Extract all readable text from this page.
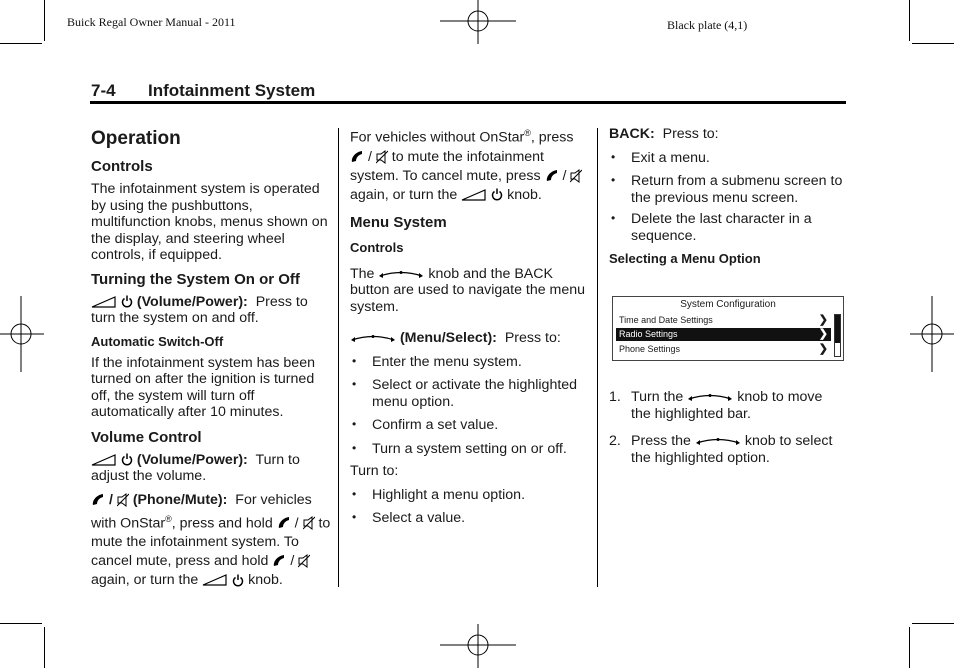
Buick Regal Owner Manual - 2011	Black plate (4,1)
7-4 Infotainment System
Operation
Controls

The infotainment system is operated by using the pushbuttons, multifunction knobs, menus shown on the display, and steering wheel controls, if equipped.

Turning the System On or Off

(Volume/Power): Press to turn the system on and off.

Automatic Switch-Off

If the infotainment system has been turned on after the ignition is turned off, the system will turn off automatically after 10 minutes.

Volume Control

(Volume/Power): Turn to adjust the volume.

/ (Phone/Mute): For vehicles with OnStar®, press and hold  /  to mute the infotainment system. To cancel mute, press and hold  /  again, or turn the	knob.

For vehicles without OnStar®, press  /  to mute the infotainment system. To cancel mute, press  /  again, or turn the	knob.

Menu System
Controls

The	knob and the BACK button are used to navigate the menu system.

(Menu/Select): Press to:

• Enter the menu system.
• Select or activate the highlighted menu option.
• Confirm a set value.
• Turn a system setting on or off.

Turn to:

• Highlight a menu option.
• Select a value.

BACK: Press to:

• Exit a menu.
• Return from a submenu screen to the previous menu screen.
• Delete the last character in a sequence.
Selecting a Menu Option
System Configuration
Time and Date Settings	❯
Radio Settings	❯
Phone Settings	❯
1. Turn the	knob to move the highlighted bar.
2. Press the	knob to select the highlighted option.
